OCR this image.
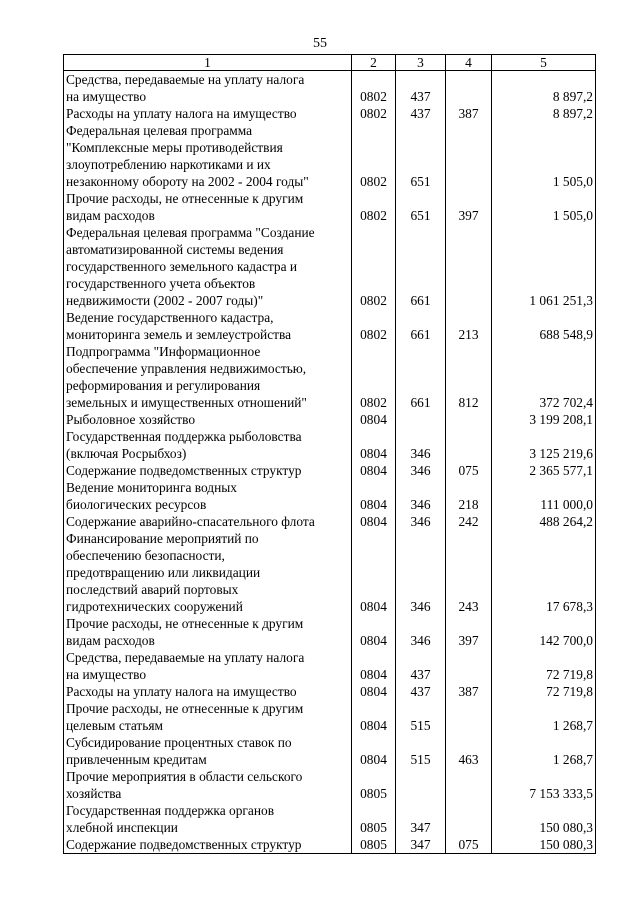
55
1	2	3	4	5

Средства, передаваемые на уплату налога
на имущество	0802	437		8 897,2

Расходы на уплату налога на имущество	0802	437	387	8 897,2

Федеральная целевая программа
"Комплексные меры противодействия
злоупотреблению наркотиками и их
незаконному обороту на 2002 - 2004 годы"	0802	651		1 505,0

Прочие расходы, не отнесенные к другим
видам расходов	0802	651	397	1 505,0

Федеральная целевая программа "Создание
автоматизированной системы ведения
государственного земельного кадастра и
государственного учета объектов
недвижимости (2002 - 2007 годы)"	0802	661		1 061 251,3

Ведение государственного кадастра,
мониторинга земель и землеустройства	0802	661	213	688 548,9

Подпрограмма "Информационное
обеспечение управления недвижимостью,
реформирования и регулирования
земельных и имущественных отношений"	0802	661	812	372 702,4

Рыболовное хозяйство	0804			3 199 208,1

Государственная поддержка рыболовства
(включая Росрыбхоз)	0804	346		3 125 219,6

Содержание подведомственных структур	0804	346	075	2 365 577,1

Ведение мониторинга водных
биологических ресурсов	0804	346	218	111 000,0

Содержание аварийно-спасательного флота	0804	346	242	488 264,2

Финансирование мероприятий по
обеспечению безопасности,
предотвращению или ликвидации
последствий аварий портовых
гидротехнических сооружений	0804	346	243	17 678,3

Прочие расходы, не отнесенные к другим
видам расходов	0804	346	397	142 700,0

Средства, передаваемые на уплату налога
на имущество	0804	437		72 719,8

Расходы на уплату налога на имущество	0804	437	387	72 719,8

Прочие расходы, не отнесенные к другим
целевым статьям	0804	515		1 268,7

Субсидирование процентных ставок по
привлеченным кредитам	0804	515	463	1 268,7

Прочие мероприятия в области сельского
хозяйства	0805			7 153 333,5

Государственная поддержка органов
хлебной инспекции	0805	347		150 080,3

Содержание подведомственных структур	0805	347	075	150 080,3
